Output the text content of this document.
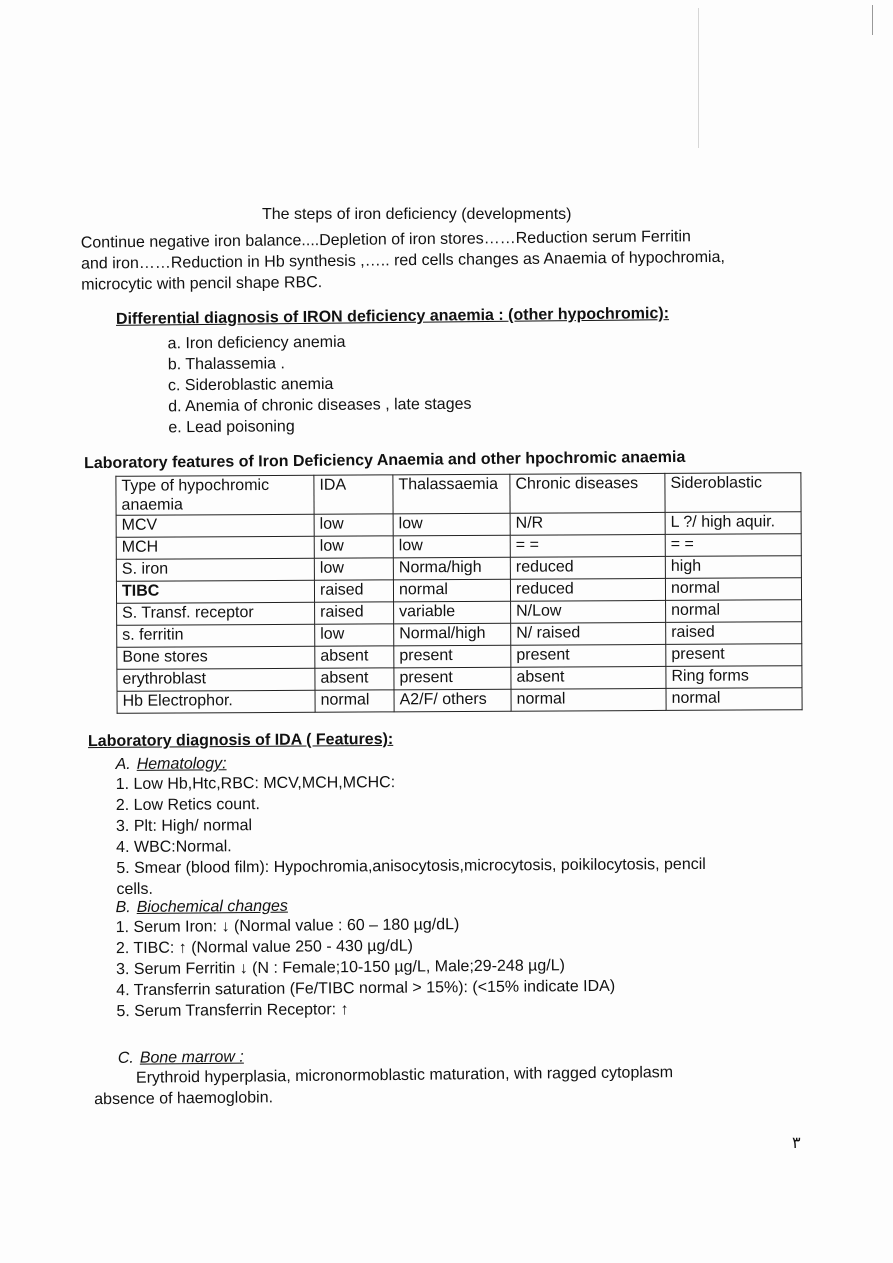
The steps of iron deficiency (developments)
Continue negative iron balance....Depletion of iron stores……Reduction serum Ferritin
and iron……Reduction in Hb synthesis ,….. red cells changes as Anaemia of hypochromia,
microcytic with pencil shape RBC.
Differential diagnosis of IRON deficiency anaemia : (other hypochromic):
a. Iron deficiency anemia
b. Thalassemia .
c. Sideroblastic anemia
d. Anemia of chronic diseases , late stages
e. Lead poisoning
Laboratory features of Iron Deficiency Anaemia and other hpochromic anaemia
Type of hypochromic anaemia	IDA	Thalassaemia	Chronic diseases	Sideroblastic
MCV	low	low	N/R	L ?/ high aquir.
MCH	low	low	= =	= =
S. iron	low	Norma/high	reduced	high
TIBC	raised	normal	reduced	normal
S. Transf. receptor	raised	variable	N/Low	normal
s. ferritin	low	Normal/high	N/ raised	raised
Bone stores	absent	present	present	present
erythroblast	absent	present	absent	Ring forms
Hb Electrophor.	normal	A2/F/ others	normal	normal
Laboratory diagnosis of IDA ( Features):
A. Hematology:
1. Low Hb,Htc,RBC: MCV,MCH,MCHC:
2. Low Retics count.
3. Plt: High/ normal
4. WBC:Normal.
5. Smear (blood film): Hypochromia,anisocytosis,microcytosis, poikilocytosis, pencil
cells.
B. Biochemical changes
1. Serum Iron: ↓ (Normal value : 60 – 180 µg/dL)
2. TIBC: ↑ (Normal value 250 - 430 µg/dL)
3. Serum Ferritin ↓ (N : Female;10-150 µg/L, Male;29-248 µg/L)
4. Transferrin saturation (Fe/TIBC normal > 15%): (<15% indicate IDA)
5. Serum Transferrin Receptor: ↑
C. Bone marrow :
Erythroid hyperplasia, micronormoblastic maturation, with ragged cytoplasm
absence of haemoglobin.
٣
